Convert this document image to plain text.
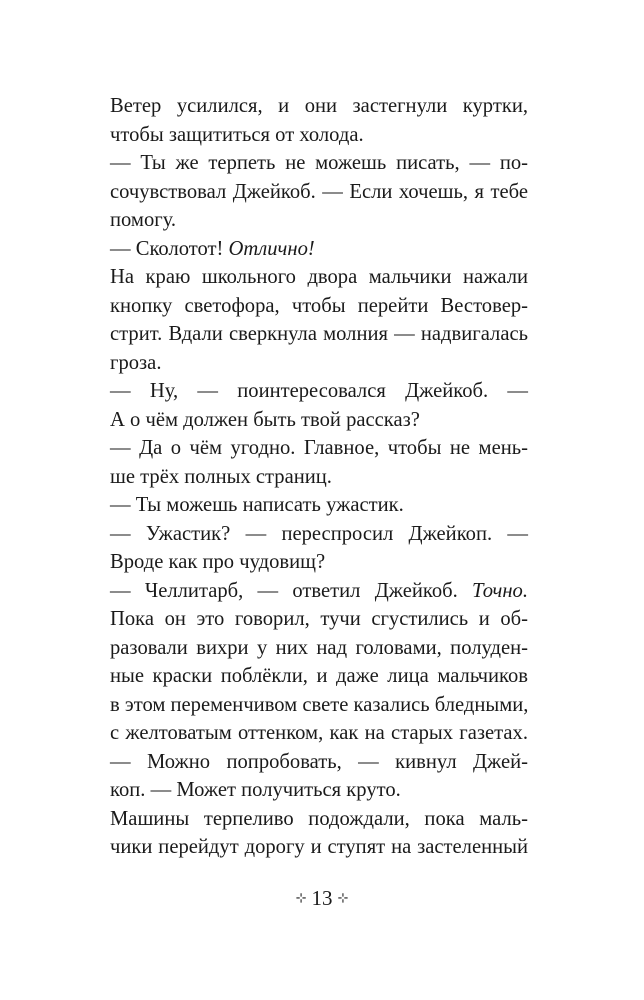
Ветер усилился, и они застегнули куртки,
чтобы защититься от холода.
— Ты же терпеть не можешь писать, — по-
сочувствовал Джейкоб. — Если хочешь, я тебе
помогу.
— Сколотот! Отлично!
На краю школьного двора мальчики нажали
кнопку светофора, чтобы перейти Вестовер-
стрит. Вдали сверкнула молния — надвигалась
гроза.
— Ну, — поинтересовался Джейкоб. —
А о чём должен быть твой рассказ?
— Да о чём угодно. Главное, чтобы не мень-
ше трёх полных страниц.
— Ты можешь написать ужастик.
— Ужастик? — переспросил Джейкоп. —
Вроде как про чудовищ?
— Челлитарб, — ответил Джейкоб. Точно.
Пока он это говорил, тучи сгустились и об-
разовали вихри у них над головами, полуден-
ные краски поблёкли, и даже лица мальчиков
в этом переменчивом свете казались бледными,
с желтоватым оттенком, как на старых газетах.
— Можно попробовать, — кивнул Джей-
коп. — Может получиться круто.
Машины терпеливо подождали, пока маль-
чики перейдут дорогу и ступят на застеленный
⊹ 13 ⊹
